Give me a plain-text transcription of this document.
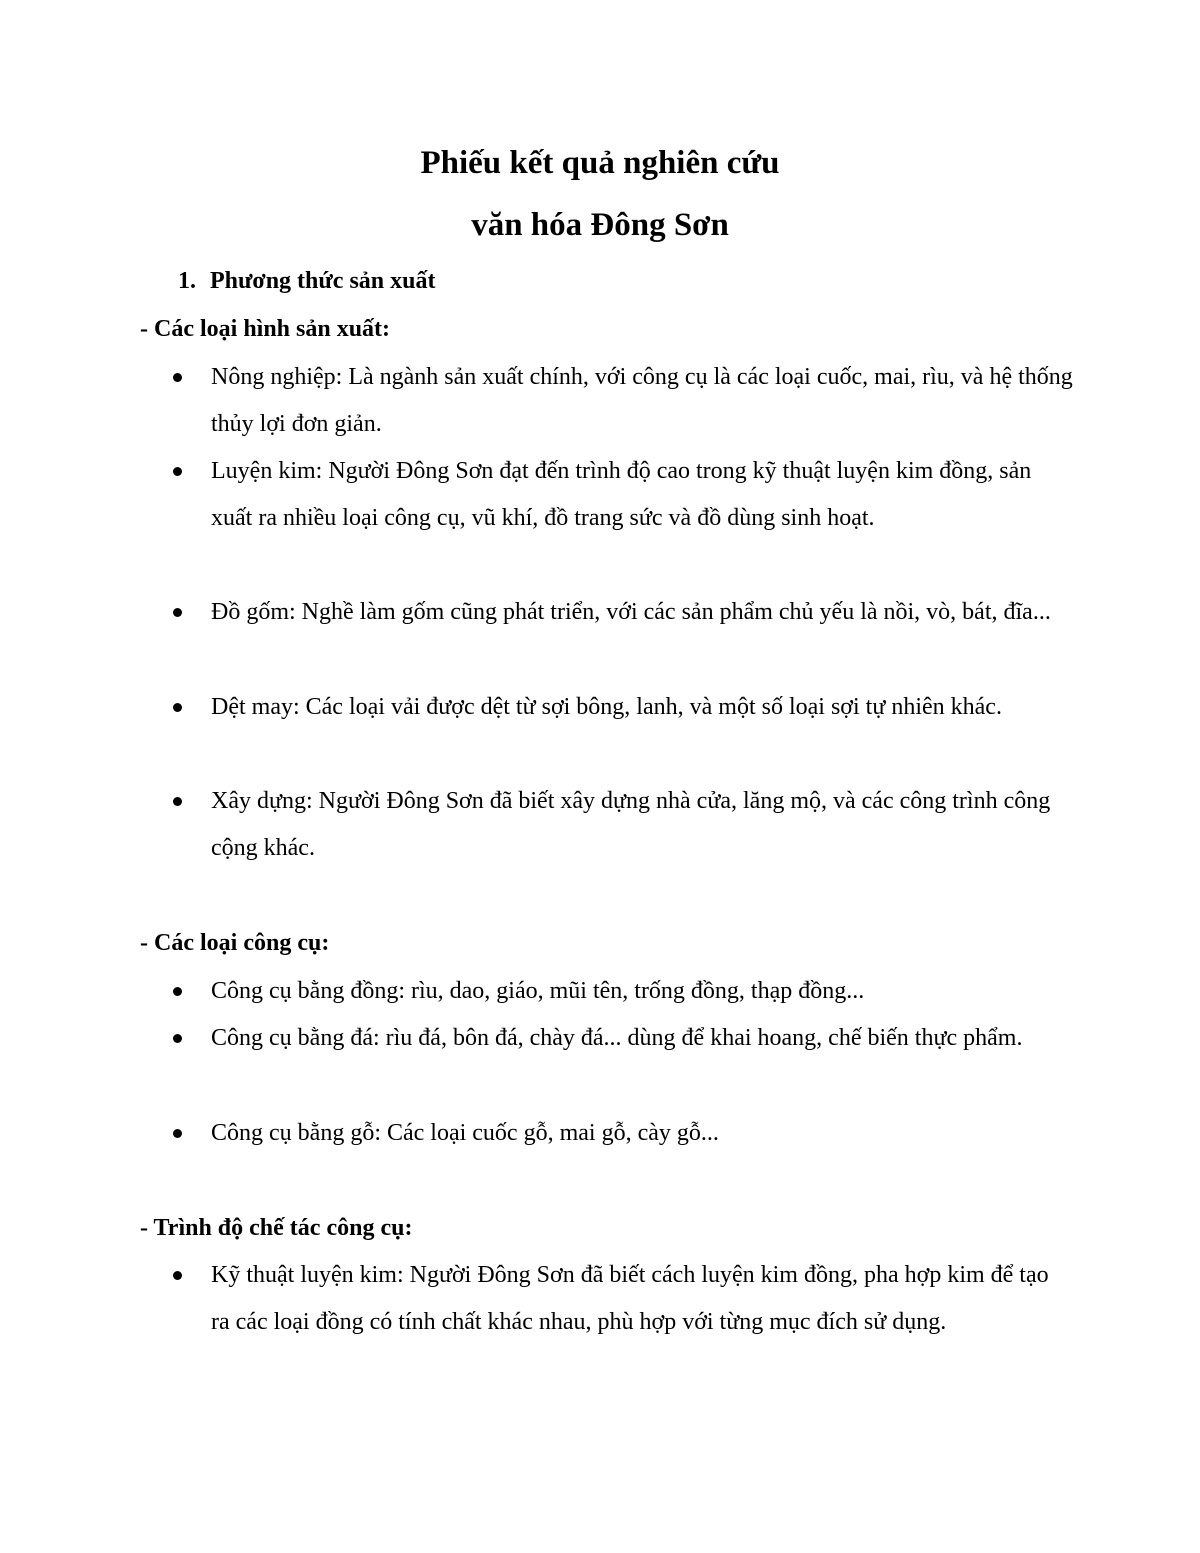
Phiếu kết quả nghiên cứu
văn hóa Đông Sơn
1. Phương thức sản xuất
- Các loại hình sản xuất:
Nông nghiệp: Là ngành sản xuất chính, với công cụ là các loại cuốc, mai, rìu, và hệ thống thủy lợi đơn giản.
Luyện kim: Người Đông Sơn đạt đến trình độ cao trong kỹ thuật luyện kim đồng, sản xuất ra nhiều loại công cụ, vũ khí, đồ trang sức và đồ dùng sinh hoạt.
Đồ gốm: Nghề làm gốm cũng phát triển, với các sản phẩm chủ yếu là nồi, vò, bát, đĩa...
Dệt may: Các loại vải được dệt từ sợi bông, lanh, và một số loại sợi tự nhiên khác.
Xây dựng: Người Đông Sơn đã biết xây dựng nhà cửa, lăng mộ, và các công trình công cộng khác.
- Các loại công cụ:
Công cụ bằng đồng: rìu, dao, giáo, mũi tên, trống đồng, thạp đồng...
Công cụ bằng đá: rìu đá, bôn đá, chày đá... dùng để khai hoang, chế biến thực phẩm.
Công cụ bằng gỗ: Các loại cuốc gỗ, mai gỗ, cày gỗ...
- Trình độ chế tác công cụ:
Kỹ thuật luyện kim: Người Đông Sơn đã biết cách luyện kim đồng, pha hợp kim để tạo ra các loại đồng có tính chất khác nhau, phù hợp với từng mục đích sử dụng.
